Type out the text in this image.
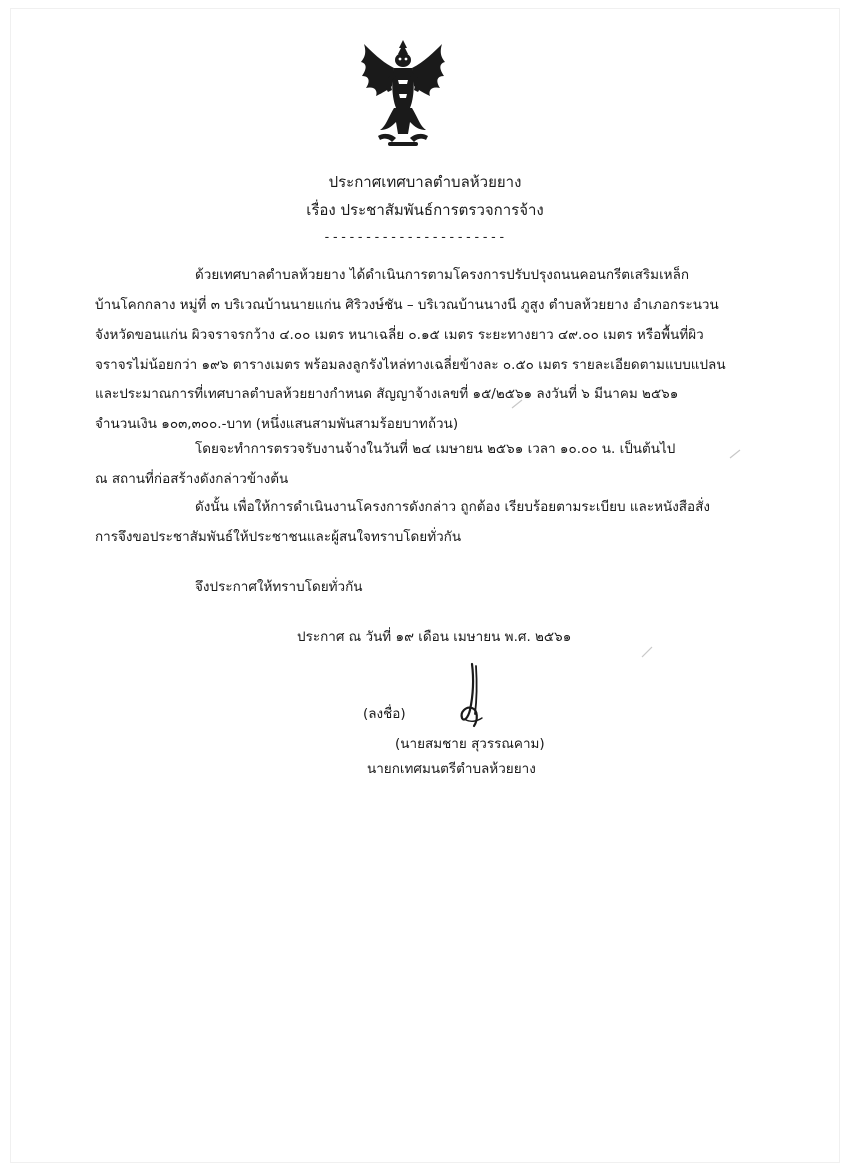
ประกาศเทศบาลตำบลห้วยยาง
เรื่อง ประชาสัมพันธ์การตรวจการจ้าง
----------------------
ด้วยเทศบาลตำบลห้วยยาง ได้ดำเนินการตามโครงการปรับปรุงถนนคอนกรีตเสริมเหล็ก
บ้านโคกกลาง หมู่ที่ ๓ บริเวณบ้านนายแก่น ศิริวงษ์ชัน – บริเวณบ้านนางนี ภูสูง ตำบลห้วยยาง อำเภอกระนวน
จังหวัดขอนแก่น ผิวจราจรกว้าง ๔.๐๐ เมตร หนาเฉลี่ย ๐.๑๕ เมตร ระยะทางยาว ๔๙.๐๐ เมตร หรือพื้นที่ผิว
จราจรไม่น้อยกว่า ๑๙๖ ตารางเมตร พร้อมลงลูกรังไหล่ทางเฉลี่ยข้างละ ๐.๕๐ เมตร รายละเอียดตามแบบแปลน
และประมาณการที่เทศบาลตำบลห้วยยางกำหนด สัญญาจ้างเลขที่ ๑๕/๒๕๖๑ ลงวันที่ ๖ มีนาคม ๒๕๖๑
จำนวนเงิน ๑๐๓,๓๐๐.-บาท (หนึ่งแสนสามพันสามร้อยบาทถ้วน)
โดยจะทำการตรวจรับงานจ้างในวันที่ ๒๔ เมษายน ๒๕๖๑ เวลา ๑๐.๐๐ น. เป็นต้นไป
ณ สถานที่ก่อสร้างดังกล่าวข้างต้น
ดังนั้น เพื่อให้การดำเนินงานโครงการดังกล่าว ถูกต้อง เรียบร้อยตามระเบียบ และหนังสือสั่ง
การจึงขอประชาสัมพันธ์ให้ประชาชนและผู้สนใจทราบโดยทั่วกัน
จึงประกาศให้ทราบโดยทั่วกัน
ประกาศ ณ วันที่ ๑๙ เดือน เมษายน พ.ศ. ๒๕๖๑
(ลงชื่อ)
(นายสมชาย สุวรรณคาม)
นายกเทศมนตรีตำบลห้วยยาง
